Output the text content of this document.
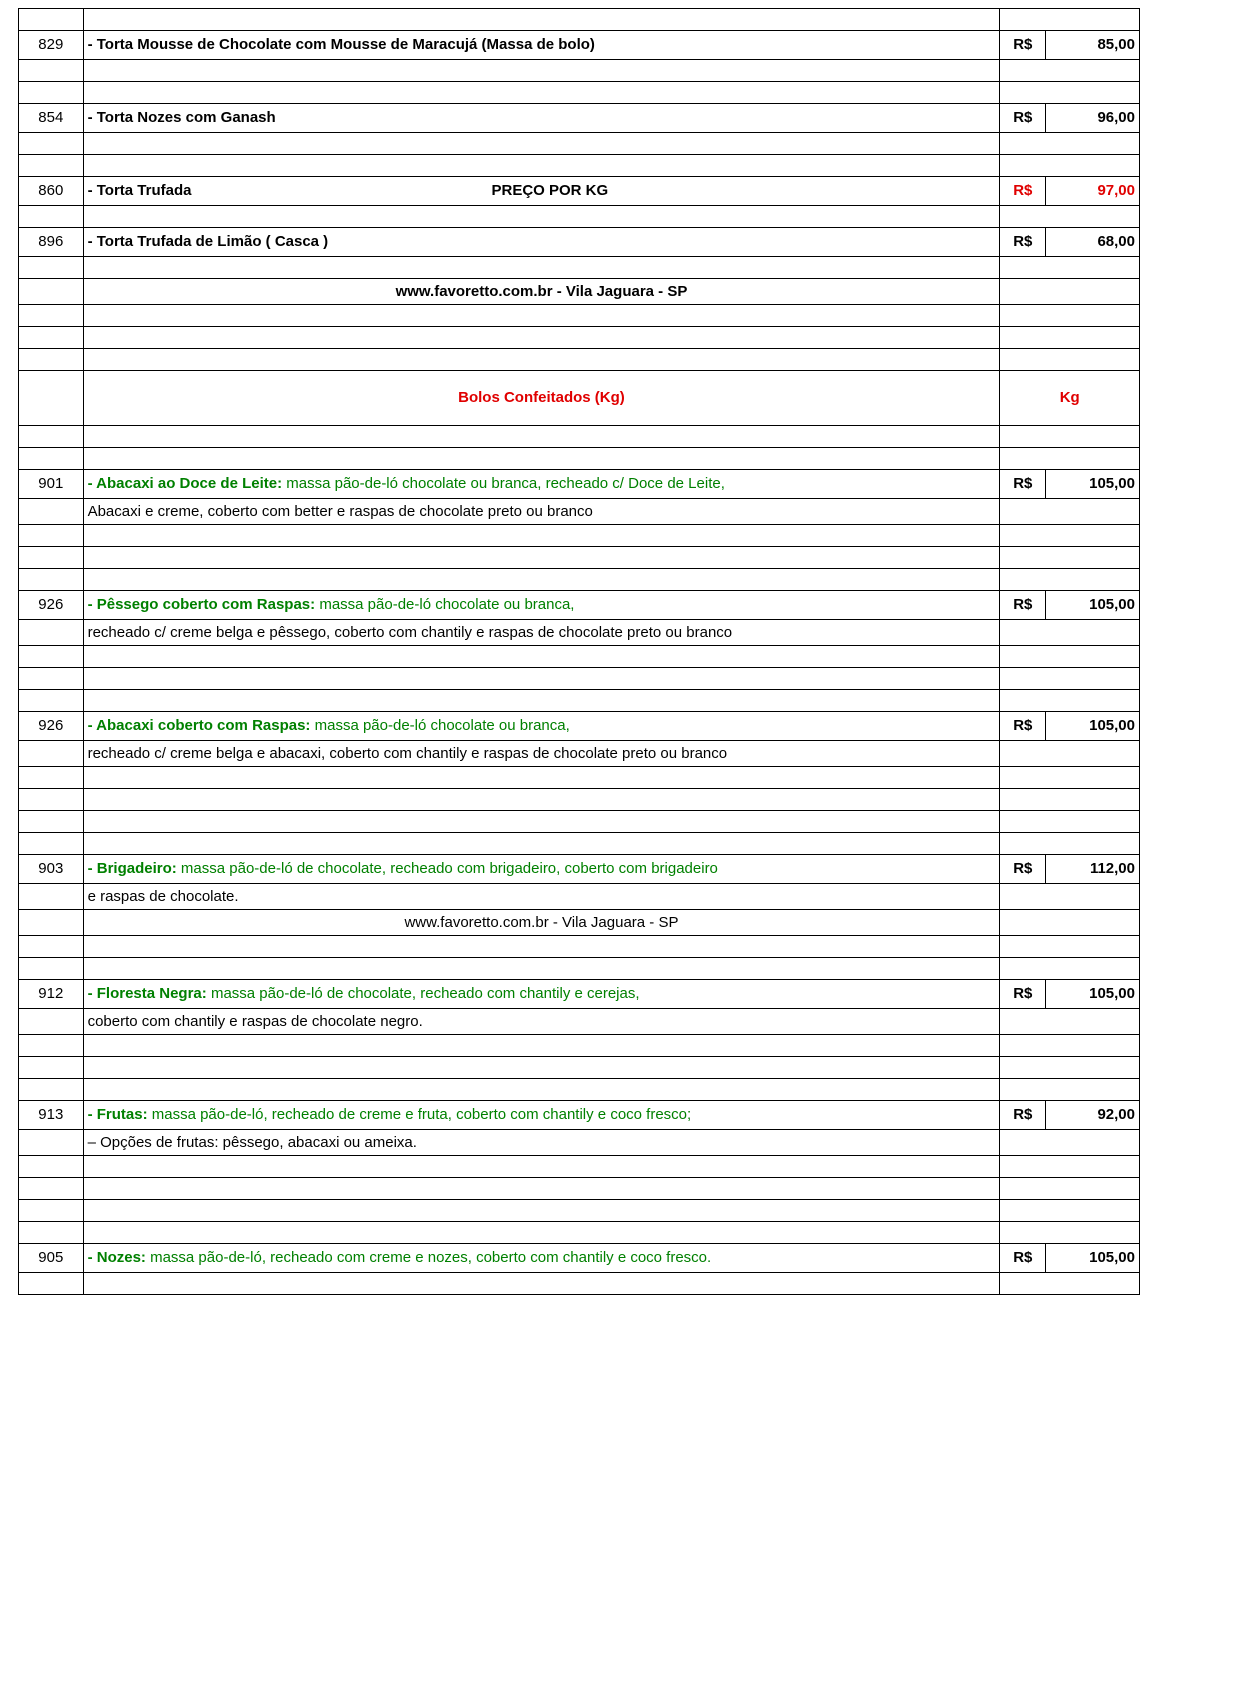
829	- Torta Mousse de Chocolate com Mousse de Maracujá (Massa de bolo)	R$	85,00

854	- Torta Nozes com Ganash	R$	96,00

860	- Torta Trufada PREÇO POR KG	R$	97,00

896	- Torta Trufada de Limão ( Casca )	R$	68,00

	www.favoretto.com.br - Vila Jaguara - SP		

	Bolos Confeitados (Kg)	Kg	

901	- Abacaxi ao Doce de Leite: massa pão-de-ló chocolate ou branca, recheado c/ Doce de Leite,	R$	105,00
	Abacaxi e creme, coberto com better e raspas de chocolate preto ou branco		

926	- Pêssego coberto com Raspas: massa pão-de-ló chocolate ou branca,	R$	105,00
	recheado c/ creme belga e pêssego, coberto com chantily e raspas de chocolate preto ou branco		

926	- Abacaxi coberto com Raspas: massa pão-de-ló chocolate ou branca,	R$	105,00
	recheado c/ creme belga e abacaxi, coberto com chantily e raspas de chocolate preto ou branco		

903	- Brigadeiro: massa pão-de-ló de chocolate, recheado com brigadeiro, coberto com brigadeiro	R$	112,00
	e raspas de chocolate.		
	www.favoretto.com.br - Vila Jaguara - SP		

912	- Floresta Negra: massa pão-de-ló de chocolate, recheado com chantily e cerejas,	R$	105,00
	coberto com chantily e raspas de chocolate negro.		

913	- Frutas: massa pão-de-ló, recheado de creme e fruta, coberto com chantily e coco fresco;	R$	92,00
	– Opções de frutas: pêssego, abacaxi ou ameixa.		

905	- Nozes: massa pão-de-ló, recheado com creme e nozes, coberto com chantily e coco fresco.	R$	105,00
